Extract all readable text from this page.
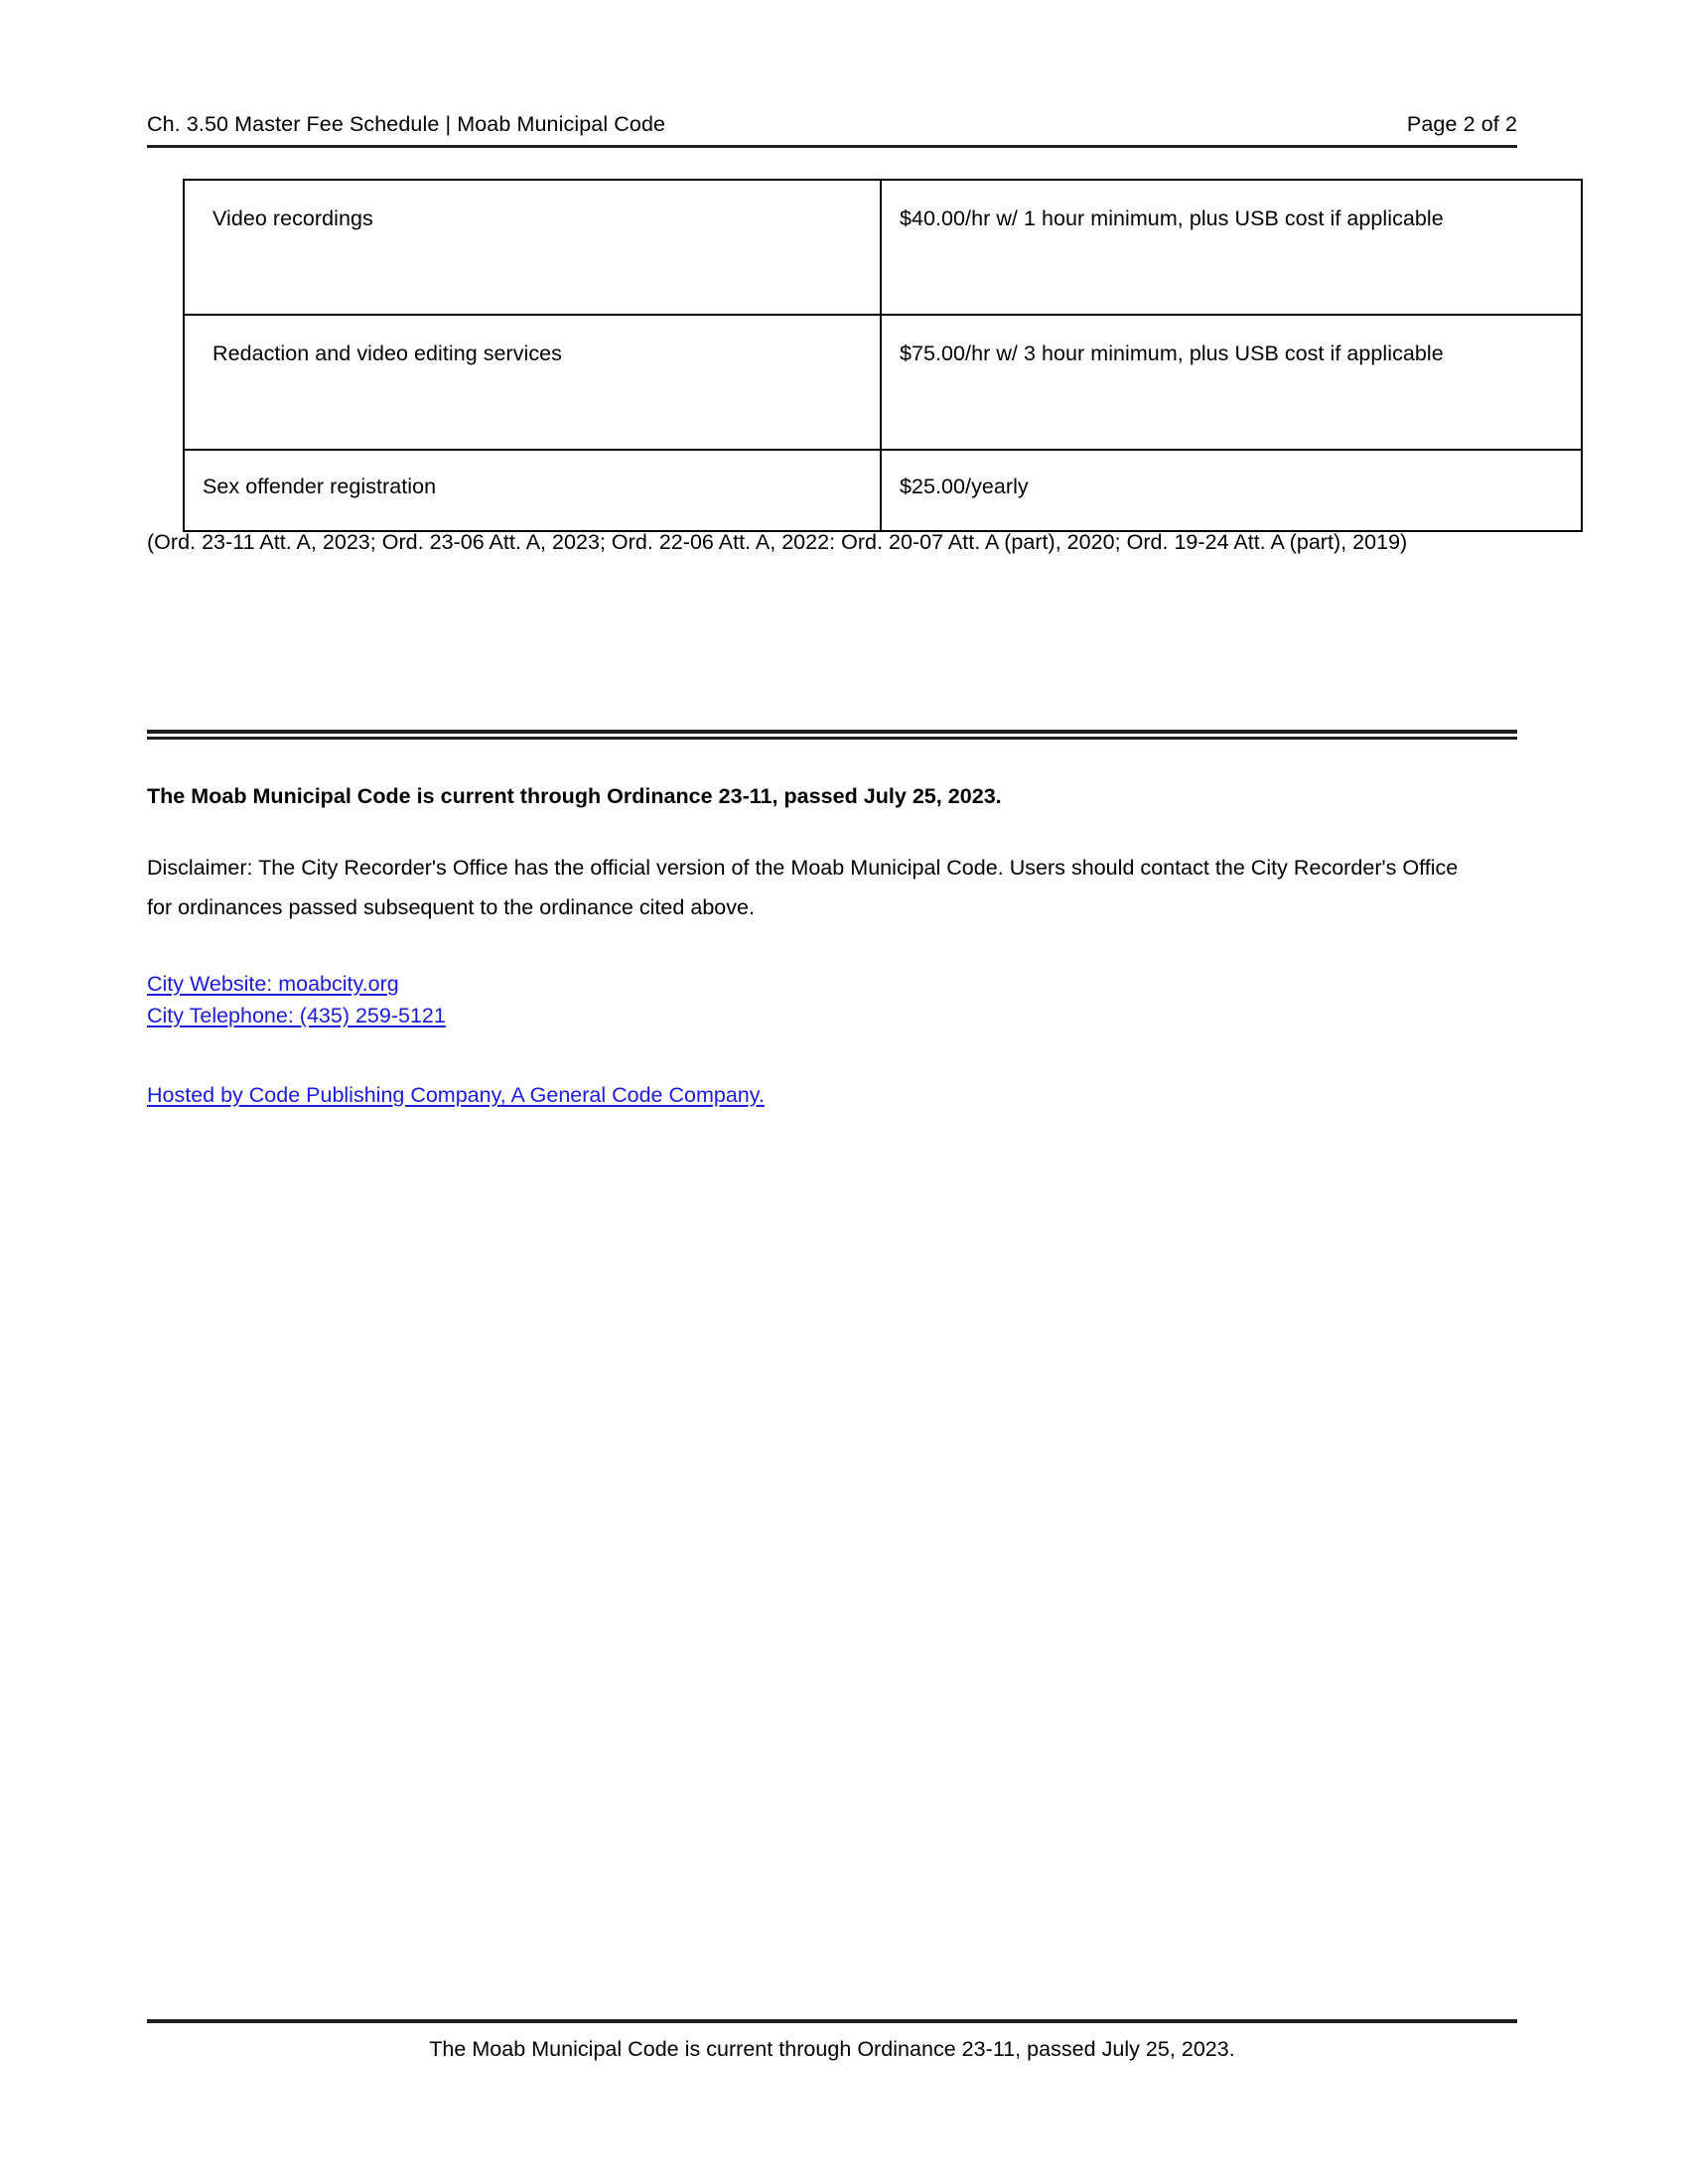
Ch. 3.50 Master Fee Schedule | Moab Municipal Code	Page 2 of 2
Video recordings	$40.00/hr w/ 1 hour minimum, plus USB cost if applicable
Redaction and video editing services	$75.00/hr w/ 3 hour minimum, plus USB cost if applicable
Sex offender registration	$25.00/yearly
(Ord. 23-11 Att. A, 2023; Ord. 23-06 Att. A, 2023; Ord. 22-06 Att. A, 2022: Ord. 20-07 Att. A (part), 2020; Ord. 19-24 Att. A (part), 2019)
The Moab Municipal Code is current through Ordinance 23-11, passed July 25, 2023.
Disclaimer: The City Recorder's Office has the official version of the Moab Municipal Code. Users should contact the City Recorder's Office for ordinances passed subsequent to the ordinance cited above.
City Website: moabcity.org
City Telephone: (435) 259-5121
Hosted by Code Publishing Company, A General Code Company.
The Moab Municipal Code is current through Ordinance 23-11, passed July 25, 2023.
